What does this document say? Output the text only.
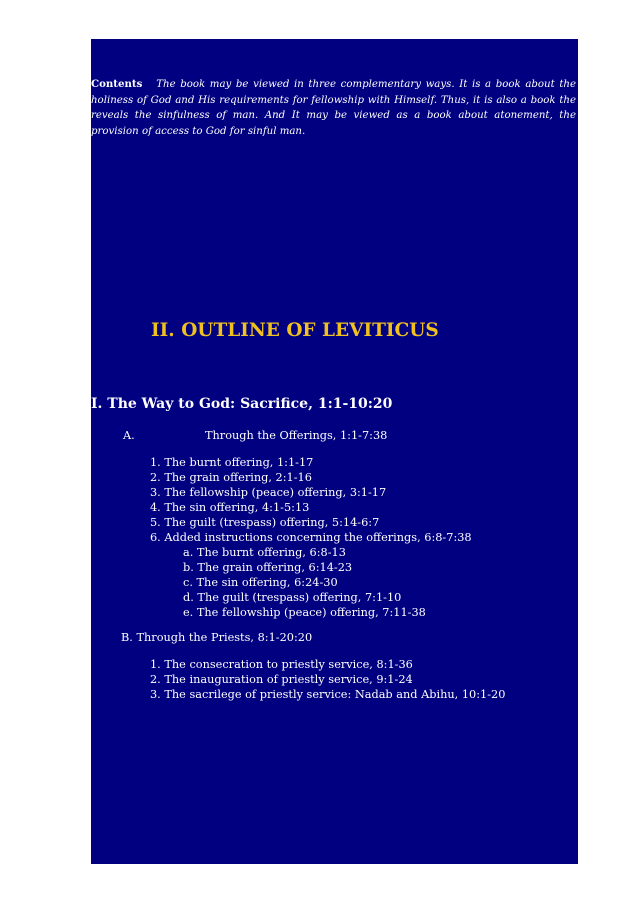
Contents The book may be viewed in three complementary ways. It is a book about the holiness of God and His requirements for fellowship with Himself. Thus, it is also a book the reveals the sinfulness of man. And It may be viewed as a book about atonement, the provision of access to God for sinful man.

II. OUTLINE OF LEVITICUS
I. The Way to God: Sacrifice, 1:1-10:20
A.	Through the Offerings, 1:1-7:38
1. The burnt offering, 1:1-17
2. The grain offering, 2:1-16
3. The fellowship (peace) offering, 3:1-17
4. The sin offering, 4:1-5:13
5. The guilt (trespass) offering, 5:14-6:7
6. Added instructions concerning the offerings, 6:8-7:38
a. The burnt offering, 6:8-13
b. The grain offering, 6:14-23
c. The sin offering, 6:24-30
d. The guilt (trespass) offering, 7:1-10
e. The fellowship (peace) offering, 7:11-38
B. Through the Priests, 8:1-20:20
1. The consecration to priestly service, 8:1-36
2. The inauguration of priestly service, 9:1-24
3. The sacrilege of priestly service: Nadab and Abihu, 10:1-20
